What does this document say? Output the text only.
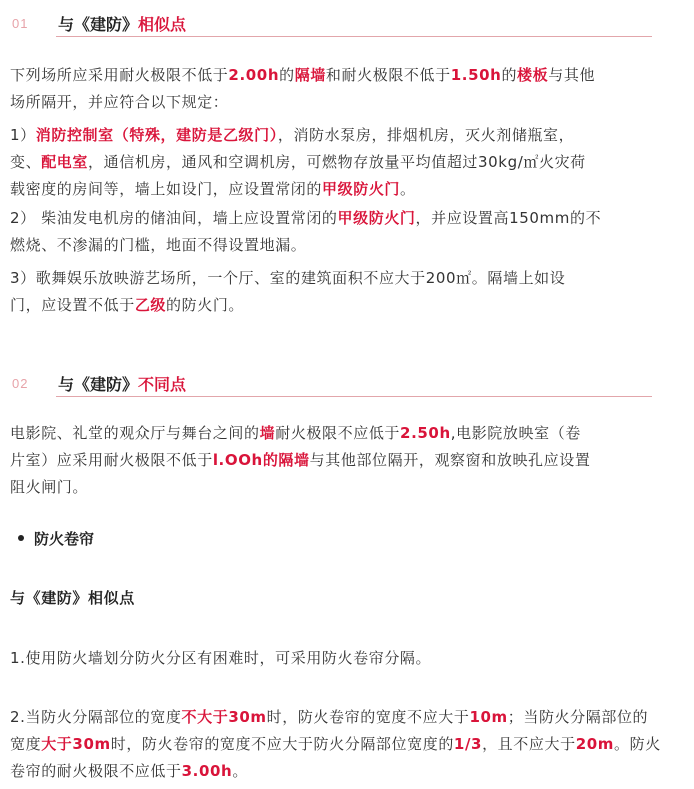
01 与《建防》相似点
下列场所应采用耐火极限不低于2.00h的隔墙和耐火极限不低于1.50h的楼板与其他
场所隔开，并应符合以下规定：
1）消防控制室（特殊，建防是乙级门），消防水泵房，排烟机房，灭火剂储瓶室，
变、配电室，通信机房，通风和空调机房，可燃物存放量平均值超过30kg/㎡火灾荷
载密度的房间等，墙上如设门，应设置常闭的甲级防火门。
2） 柴油发电机房的储油间，墙上应设置常闭的甲级防火门，并应设置高150mm的不
燃烧、不渗漏的门槛，地面不得设置地漏。
3）歌舞娱乐放映游艺场所，一个厅、室的建筑面积不应大于200㎡。隔墙上如设
门，应设置不低于乙级的防火门。
02 与《建防》不同点
电影院、礼堂的观众厅与舞台之间的墙耐火极限不应低于2.50h,电影院放映室（卷
片室）应采用耐火极限不低于l.OOh的隔墙与其他部位隔开，观察窗和放映孔应设置
阻火闸门。
防火卷帘
与《建防》相似点
1.使用防火墙划分防火分区有困难时，可采用防火卷帘分隔。
2.当防火分隔部位的宽度不大于30m时，防火卷帘的宽度不应大于10m；当防火分隔部位的
宽度大于30m时，防火卷帘的宽度不应大于防火分隔部位宽度的1/3，且不应大于20m。防火
卷帘的耐火极限不应低于3.00h。
